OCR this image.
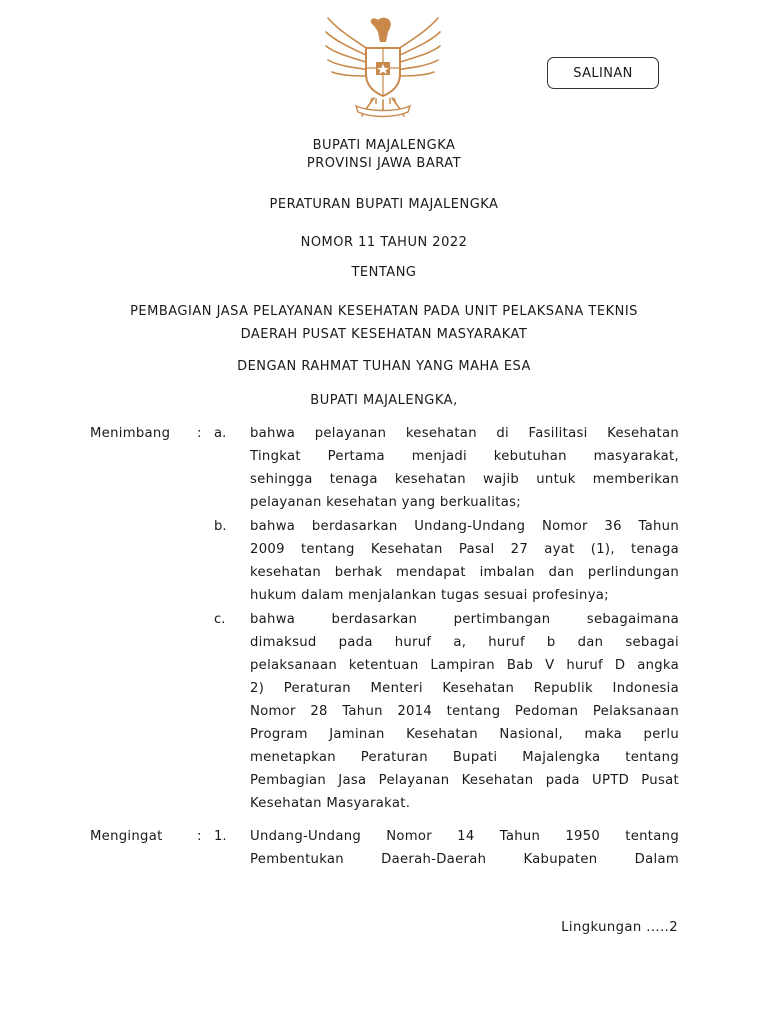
SALINAN
BUPATI MAJALENGKA
PROVINSI JAWA BARAT
PERATURAN BUPATI MAJALENGKA
NOMOR 11 TAHUN 2022
TENTANG
PEMBAGIAN JASA PELAYANAN KESEHATAN PADA UNIT PELAKSANA TEKNIS
DAERAH PUSAT KESEHATAN MASYARAKAT
DENGAN RAHMAT TUHAN YANG MAHA ESA
BUPATI MAJALENGKA,
Menimbang : a. bahwa pelayanan kesehatan di Fasilitasi Kesehatan
Tingkat Pertama menjadi kebutuhan masyarakat,
sehingga tenaga kesehatan wajib untuk memberikan
pelayanan kesehatan yang berkualitas;
b. bahwa berdasarkan Undang-Undang Nomor 36 Tahun
2009 tentang Kesehatan Pasal 27 ayat (1), tenaga
kesehatan berhak mendapat imbalan dan perlindungan
hukum dalam menjalankan tugas sesuai profesinya;
c. bahwa berdasarkan pertimbangan sebagaimana
dimaksud pada huruf a, huruf b dan sebagai
pelaksanaan ketentuan Lampiran Bab V huruf D angka
2) Peraturan Menteri Kesehatan Republik Indonesia
Nomor 28 Tahun 2014 tentang Pedoman Pelaksanaan
Program Jaminan Kesehatan Nasional, maka perlu
menetapkan Peraturan Bupati Majalengka tentang
Pembagian Jasa Pelayanan Kesehatan pada UPTD Pusat
Kesehatan Masyarakat.
Mengingat	: 1. Undang-Undang Nomor 14 Tahun 1950 tentang
Pembentukan Daerah-Daerah Kabupaten Dalam
Lingkungan .....2
